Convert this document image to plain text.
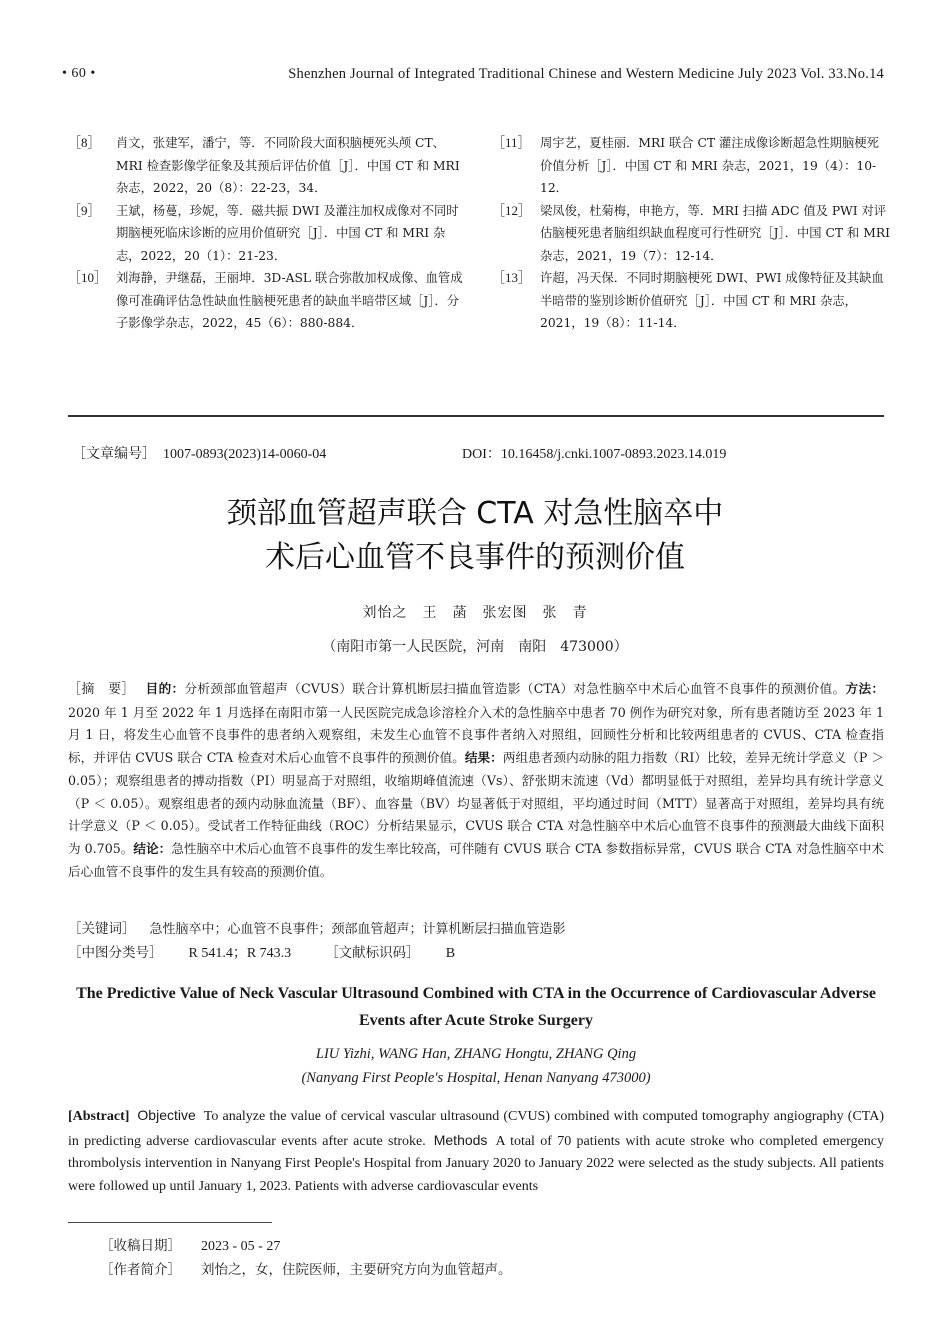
• 60 •	Shenzhen Journal of Integrated Traditional Chinese and Western Medicine July 2023 Vol. 33.No.14
［8］ 肖文，张建军，潘宁，等．不同阶段大面积脑梗死头颅 CT、MRI 检查影像学征象及其预后评估价值［J］．中国 CT 和 MRI 杂志，2022，20（8）：22-23，34．
［9］ 王斌，杨蔓，珍妮，等．磁共振 DWI 及灌注加权成像对不同时期脑梗死临床诊断的应用价值研究［J］．中国 CT 和 MRI 杂志，2022，20（1）：21-23．
［10］ 刘海静，尹继磊，王丽坤．3D-ASL 联合弥散加权成像、血管成像可准确评估急性缺血性脑梗死患者的缺血半暗带区域［J］．分子影像学杂志，2022，45（6）：880-884．
［11］ 周宇艺，夏桂丽．MRI 联合 CT 灌注成像诊断超急性期脑梗死价值分析［J］．中国 CT 和 MRI 杂志，2021，19（4）：10-12．
［12］ 梁凤俊，杜菊梅，申艳方，等．MRI 扫描 ADC 值及 PWI 对评估脑梗死患者脑组织缺血程度可行性研究［J］．中国 CT 和 MRI 杂志，2021，19（7）：12-14．
［13］ 许超，冯天保．不同时期脑梗死 DWI、PWI 成像特征及其缺血半暗带的鉴别诊断价值研究［J］．中国 CT 和 MRI 杂志，2021，19（8）：11-14．
［文章编号］　1007-0893(2023)14-0060-04	DOI：10.16458/j.cnki.1007-0893.2023.14.019
颈部血管超声联合 CTA 对急性脑卒中
术后心血管不良事件的预测价值
刘怡之　王　菡　张宏图　张　青
（南阳市第一人民医院，河南　南阳　473000）

［摘　要］　 目的：分析颈部血管超声（CVUS）联合计算机断层扫描血管造影（CTA）对急性脑卒中术后心血管不良事件的预测价值。方法：2020 年 1 月至 2022 年 1 月选择在南阳市第一人民医院完成急诊溶栓介入术的急性脑卒中患者 70 例作为研究对象，所有患者随访至 2023 年 1 月 1 日，将发生心血管不良事件的患者纳入观察组，未发生心血管不良事件者纳入对照组，回顾性分析和比较两组患者的 CVUS、CTA 检查指标，并评估 CVUS 联合 CTA 检查对术后心血管不良事件的预测价值。结果：两组患者颈内动脉的阻力指数（RI）比较，差异无统计学意义（P ＞ 0.05）；观察组患者的搏动指数（PI）明显高于对照组，收缩期峰值流速（Vs）、舒张期末流速（Vd）都明显低于对照组，差异均具有统计学意义（P ＜ 0.05）。观察组患者的颈内动脉血流量（BF）、血容量（BV）均显著低于对照组，平均通过时间（MTT）显著高于对照组，差异均具有统计学意义（P ＜ 0.05）。受试者工作特征曲线（ROC）分析结果显示，CVUS 联合 CTA 对急性脑卒中术后心血管不良事件的预测最大曲线下面积为 0.705。结论：急性脑卒中术后心血管不良事件的发生率比较高，可伴随有 CVUS 联合 CTA 参数指标异常，CVUS 联合 CTA 对急性脑卒中术后心血管不良事件的发生具有较高的预测价值。

［关键词］ 急性脑卒中；心血管不良事件；颈部血管超声；计算机断层扫描血管造影
［中图分类号］ R 541.4；R 743.3	［文献标识码］ B
The Predictive Value of Neck Vascular Ultrasound Combined with CTA in the Occurrence of Cardiovascular Adverse Events after Acute Stroke Surgery
LIU Yizhi, WANG Han, ZHANG Hongtu, ZHANG Qing
(Nanyang First People's Hospital, Henan Nanyang 473000)

[Abstract] Objective To analyze the value of cervical vascular ultrasound (CVUS) combined with computed tomography angiography (CTA) in predicting adverse cardiovascular events after acute stroke. Methods A total of 70 patients with acute stroke who completed emergency thrombolysis intervention in Nanyang First People's Hospital from January 2020 to January 2022 were selected as the study subjects. All patients were followed up until January 1, 2023. Patients with adverse cardiovascular events

［收稿日期］ 2023 - 05 - 27
［作者简介］ 刘怡之，女，住院医师，主要研究方向为血管超声。
